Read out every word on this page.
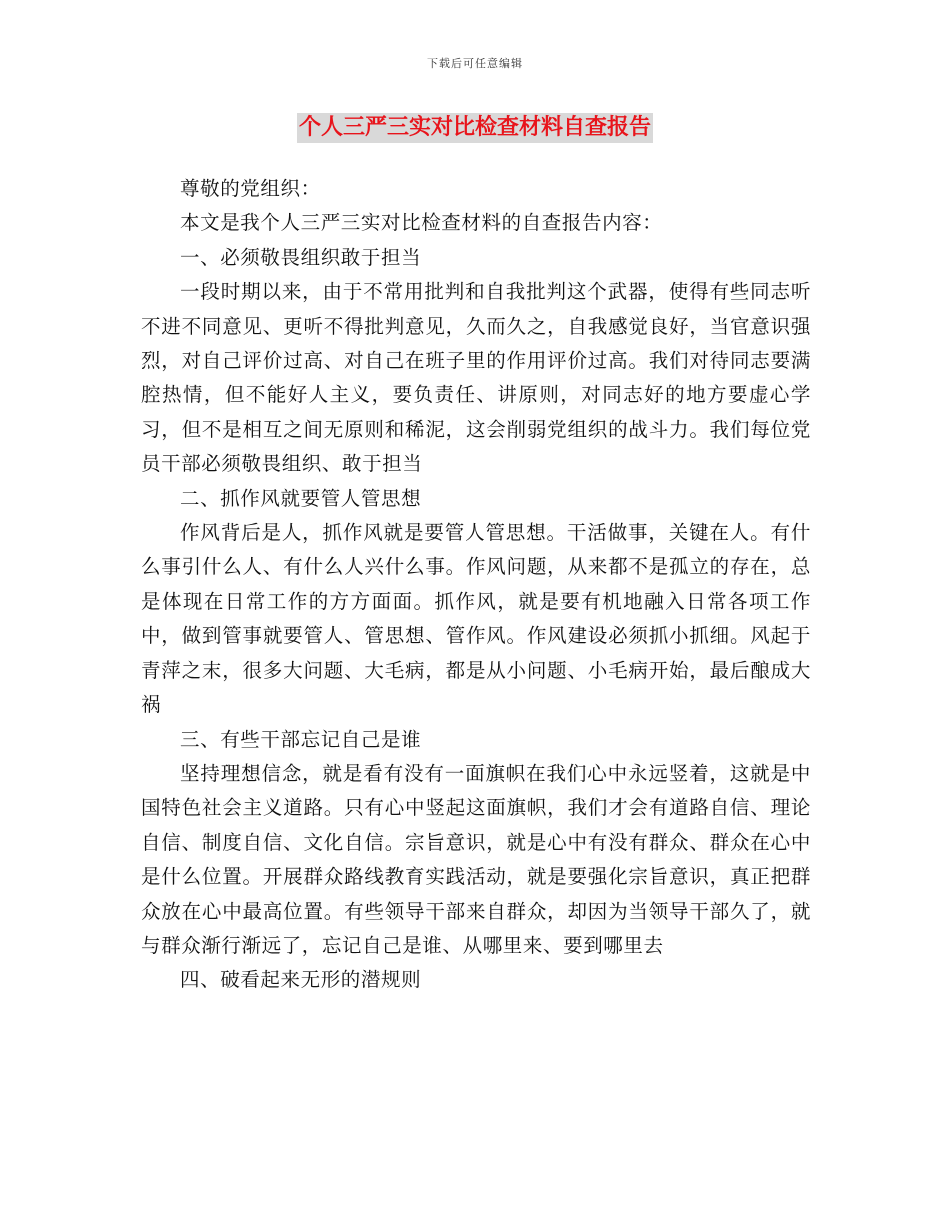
下载后可任意编辑
个人三严三实对比检查材料自查报告

尊敬的党组织：

本文是我个人三严三实对比检查材料的自查报告内容：

一、必须敬畏组织敢于担当

一段时期以来，由于不常用批判和自我批判这个武器，使得有些同志听不进不同意见、更听不得批判意见，久而久之，自我感觉良好，当官意识强烈，对自己评价过高、对自己在班子里的作用评价过高。我们对待同志要满腔热情，但不能好人主义，要负责任、讲原则，对同志好的地方要虚心学习，但不是相互之间无原则和稀泥，这会削弱党组织的战斗力。我们每位党员干部必须敬畏组织、敢于担当

二、抓作风就要管人管思想

作风背后是人，抓作风就是要管人管思想。干活做事，关键在人。有什么事引什么人、有什么人兴什么事。作风问题，从来都不是孤立的存在，总是体现在日常工作的方方面面。抓作风，就是要有机地融入日常各项工作中，做到管事就要管人、管思想、管作风。作风建设必须抓小抓细。风起于青萍之末，很多大问题、大毛病，都是从小问题、小毛病开始，最后酿成大祸

三、有些干部忘记自己是谁

坚持理想信念，就是看有没有一面旗帜在我们心中永远竖着，这就是中国特色社会主义道路。只有心中竖起这面旗帜，我们才会有道路自信、理论自信、制度自信、文化自信。宗旨意识，就是心中有没有群众、群众在心中是什么位置。开展群众路线教育实践活动，就是要强化宗旨意识，真正把群众放在心中最高位置。有些领导干部来自群众，却因为当领导干部久了，就与群众渐行渐远了，忘记自己是谁、从哪里来、要到哪里去

四、破看起来无形的潜规则
